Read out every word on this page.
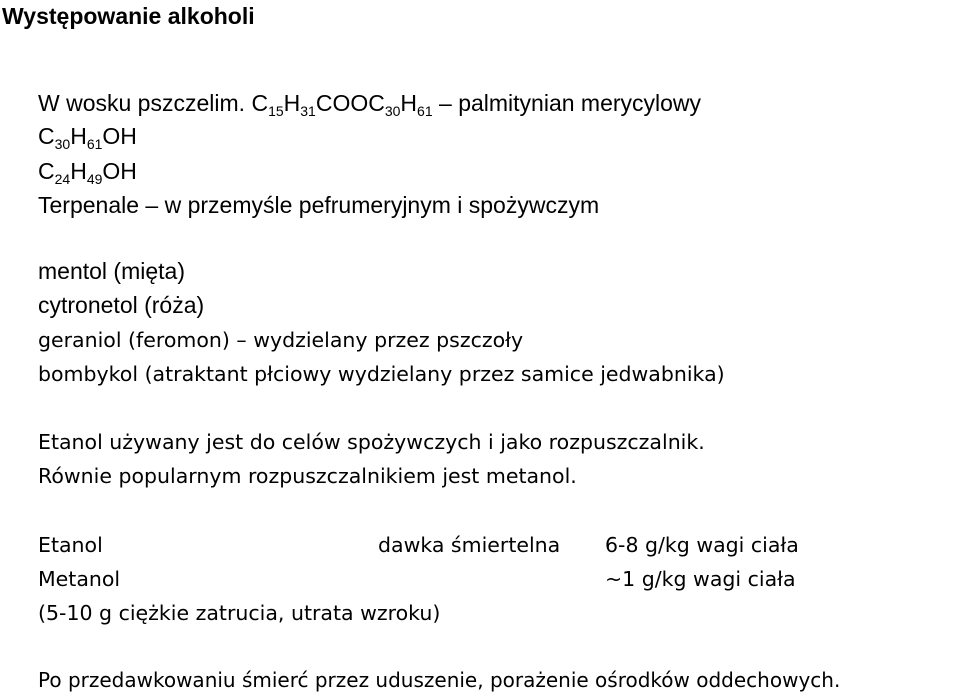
Występowanie alkoholi
W wosku pszczelim. $C_{15}H_{31}COOC_{30}H_{61}$ – palmitynian merycylowy
$C_{30}H_{61}OH$
$C_{24}H_{49}OH$
Terpenale – w przemyśle pefrumeryjnym i spożywczym
mentol (mięta)
cytronetol (róża)
geraniol (feromon) – wydzielany przez pszczoły
bombykol (atraktant płciowy wydzielany przez samice jedwabnika)
Etanol używany jest do celów spożywczych i jako rozpuszczalnik.
Równie popularnym rozpuszczalnikiem jest metanol.
Etanol	dawka śmiertelna 6-8 g/kg wagi ciała
Metanol	~1 g/kg wagi ciała
(5-10 g ciężkie zatrucia, utrata wzroku)
Po przedawkowaniu śmierć przez uduszenie, porażenie ośrodków oddechowych.
